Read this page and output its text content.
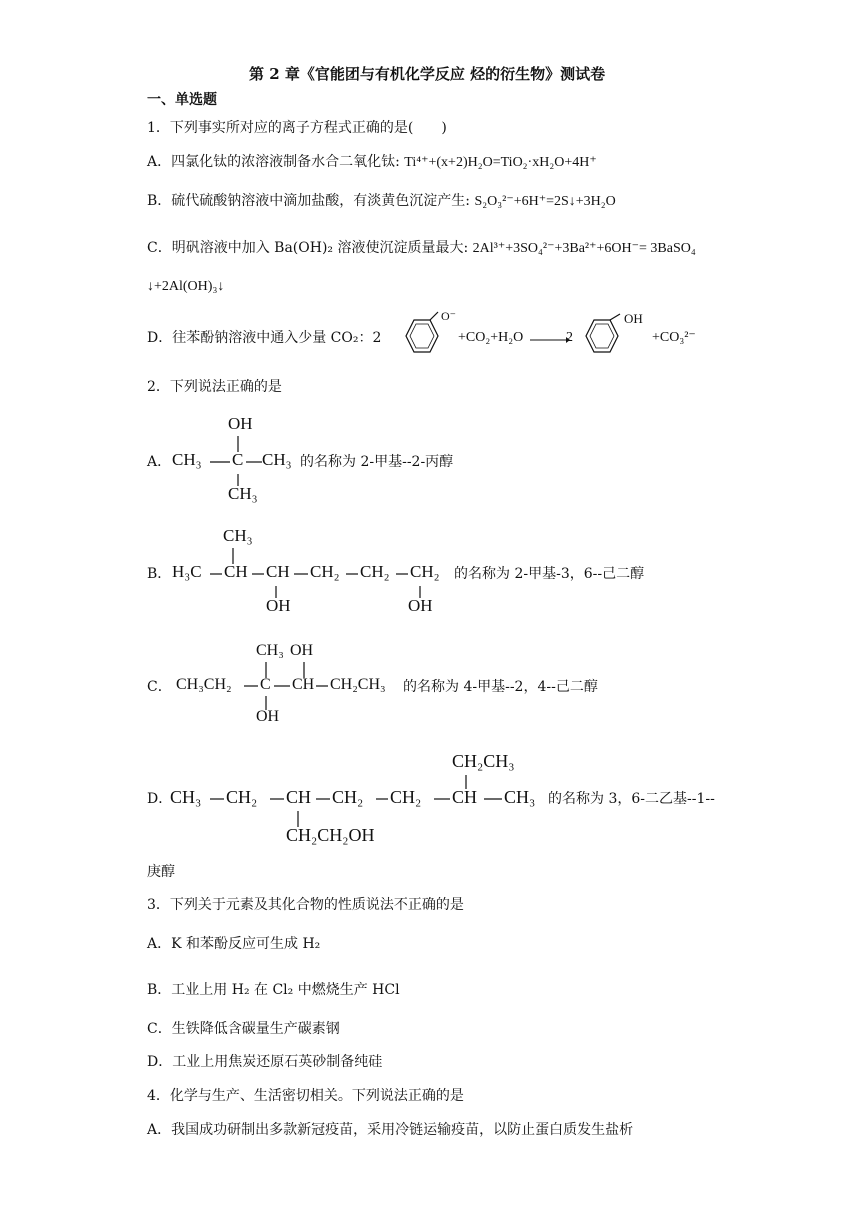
第 2 章《官能团与有机化学反应 烃的衍生物》测试卷
一、单选题
1．下列事实所对应的离子方程式正确的是(　　)
A．四氯化钛的浓溶液制备水合二氧化钛: Ti⁴⁺+(x+2)H₂O=TiO₂·xH₂O+4H⁺
B．硫代硫酸钠溶液中滴加盐酸，有淡黄色沉淀产生: S₂O₃²⁻+6H⁺=2S↓+3H₂O
C．明矾溶液中加入 Ba(OH)₂ 溶液使沉淀质量最大: 2Al³⁺+3SO₄²⁻+3Ba²⁺+6OH⁻= 3BaSO₄
↓+2Al(OH)₃↓
D．往苯酚钠溶液中通入少量 CO₂：2
O⁻
+CO₂+H₂O →
2
OH
+CO₃²⁻
2．下列说法正确的是
A．
OH
CH₃ C CH₃
CH₃
的名称为 2-甲基--2-丙醇
B．
CH₃
H₃C CH CH CH₂ CH₂ CH₂
OH	OH
的名称为 2-甲基-3，6--己二醇
C．
CH₃ OH
CH₃CH₂ C CH CH₂CH₃
OH
的名称为 4-甲基--2，4--己二醇
D．
CH₂CH₃
CH₃ CH₂ CH CH₂ CH₂ CH CH₃
CH₂CH₂OH
的名称为 3，6-二乙基--1--
庚醇
3．下列关于元素及其化合物的性质说法不正确的是
A．K 和苯酚反应可生成 H₂
B．工业上用 H₂ 在 Cl₂ 中燃烧生产 HCl
C．生铁降低含碳量生产碳素钢
D．工业上用焦炭还原石英砂制备纯硅
4．化学与生产、生活密切相关。下列说法正确的是
A．我国成功研制出多款新冠疫苗，采用冷链运输疫苗，以防止蛋白质发生盐析
